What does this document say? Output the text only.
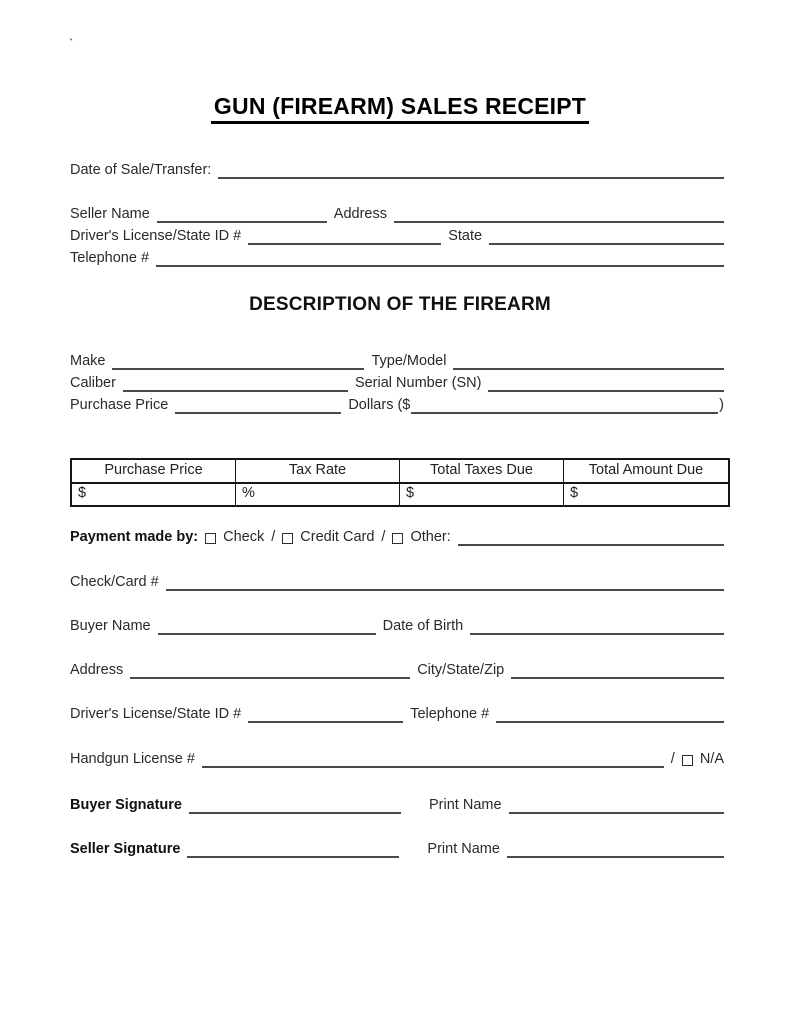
`
GUN (FIREARM) SALES RECEIPT
Date of Sale/Transfer:
Seller Name	Address
Driver's License/State ID #	State
Telephone #
DESCRIPTION OF THE FIREARM
Make	Type/Model
Caliber	Serial Number (SN)
Purchase Price	Dollars ($	)
Purchase Price	Tax Rate	Total Taxes Due	Total Amount Due
$	%	$	$
Payment made by: Check / Credit Card / Other:
Check/Card #
Buyer Name	Date of Birth
Address	City/State/Zip
Driver's License/State ID #	Telephone #
Handgun License #	/ N/A
Buyer Signature	Print Name
Seller Signature	Print Name
